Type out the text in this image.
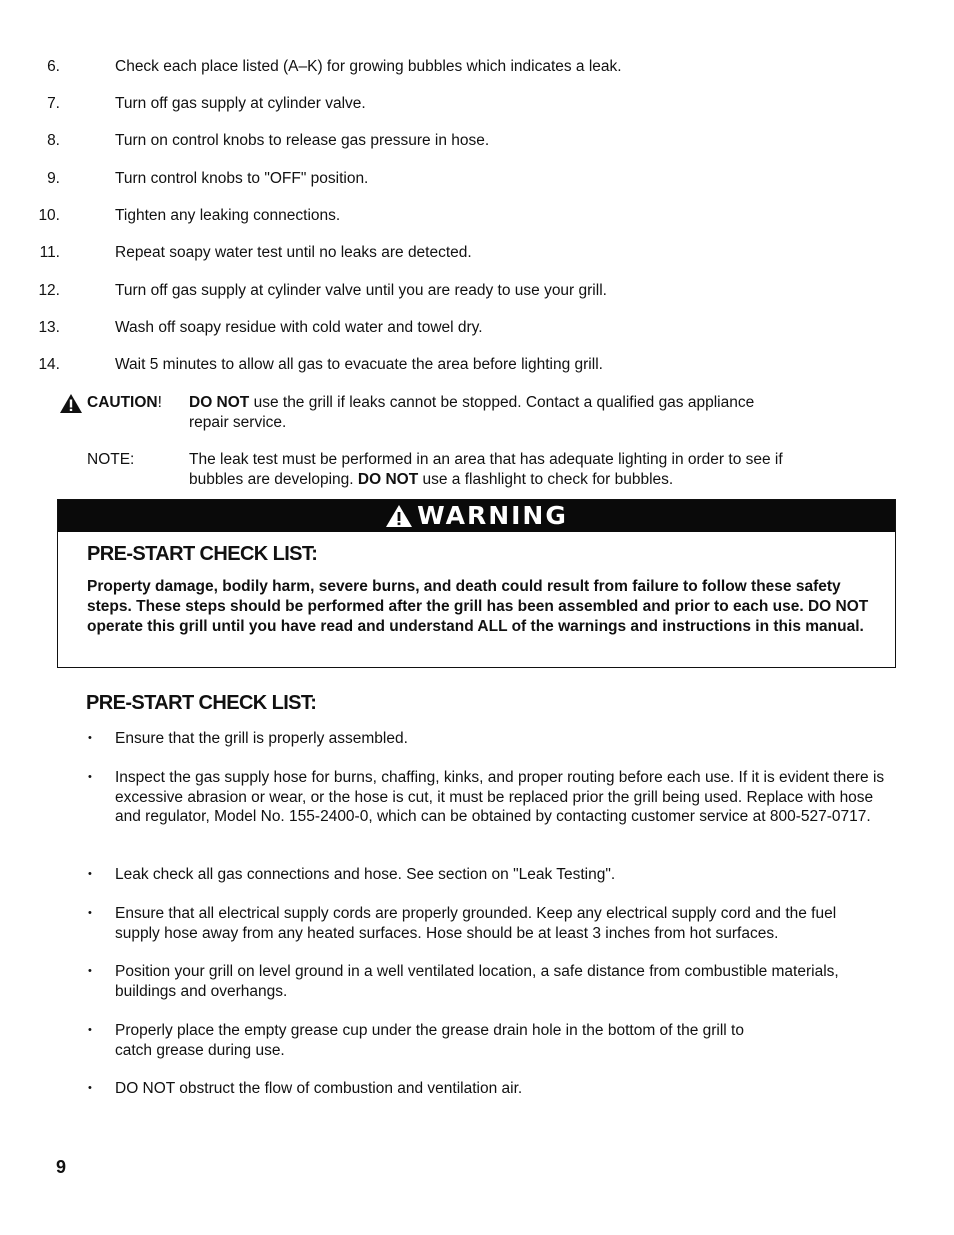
6.	Check each place listed (A–K) for growing bubbles which indicates a leak.
7.	Turn off gas supply at cylinder valve.
8.	Turn on control knobs to release gas pressure in hose.
9.	Turn control knobs to "OFF" position.
10.	Tighten any leaking connections.
11.	Repeat soapy water test until no leaks are detected.
12.	Turn off gas supply at cylinder valve until you are ready to use your grill.
13.	Wash off soapy residue with cold water and towel dry.
14.	Wait 5 minutes to allow all gas to evacuate the area before lighting grill.
CAUTION! DO NOT use the grill if leaks cannot be stopped. Contact a qualified gas appliance
repair service.
NOTE:	The leak test must be performed in an area that has adequate lighting in order to see if
bubbles are developing. DO NOT use a flashlight to check for bubbles.
WARNING
PRE-START CHECK LIST:
Property damage, bodily harm, severe burns, and death could result from failure to follow these safety steps. These steps should be performed after the grill has been assembled and prior to each use. DO NOT operate this grill until you have read and understand ALL of the warnings and instructions in this manual.
PRE-START CHECK LIST:
• Ensure that the grill is properly assembled.
• Inspect the gas supply hose for burns, chaffing, kinks, and proper routing before each use. If it is evident there is excessive abrasion or wear, or the hose is cut, it must be replaced prior the grill being used. Replace with hose and regulator, Model No. 155-2400-0, which can be obtained by contacting customer service at 800-527-0717.
• Leak check all gas connections and hose. See section on "Leak Testing".
• Ensure that all electrical supply cords are properly grounded. Keep any electrical supply cord and the fuel supply hose away from any heated surfaces. Hose should be at least 3 inches from hot surfaces.
• Position your grill on level ground in a well ventilated location, a safe distance from combustible materials, buildings and overhangs.
• Properly place the empty grease cup under the grease drain hole in the bottom of the grill to catch grease during use.
• DO NOT obstruct the flow of combustion and ventilation air.
9
